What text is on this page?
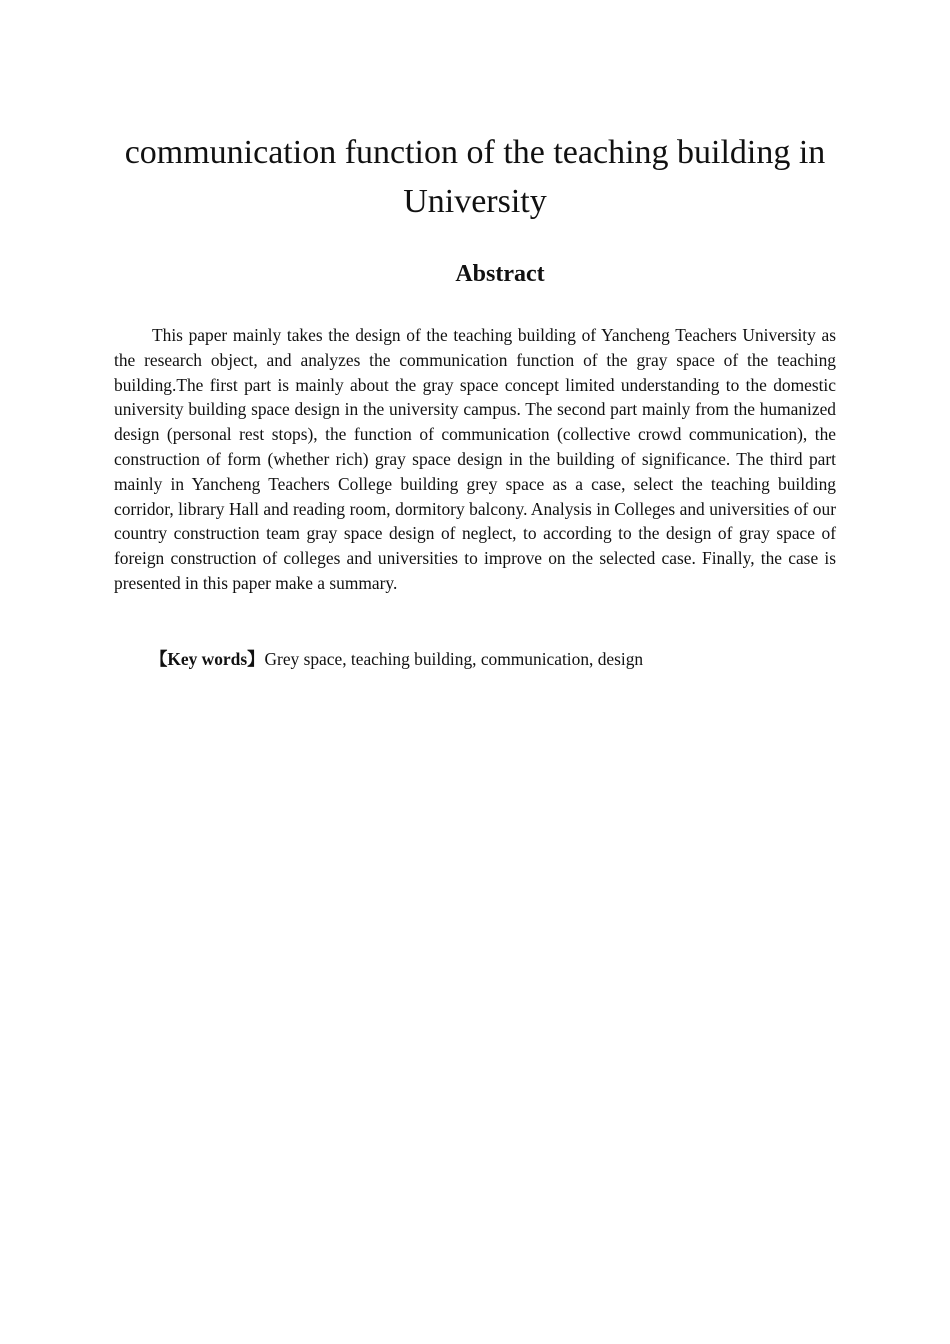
communication function of the teaching building in University
Abstract

This paper mainly takes the design of the teaching building of Yancheng Teachers University as the research object, and analyzes the communication function of the gray space of the teaching building.The first part is mainly about the gray space concept limited understanding to the domestic university building space design in the university campus. The second part mainly from the humanized design (personal rest stops), the function of communication (collective crowd communication), the construction of form (whether rich) gray space design in the building of significance. The third part mainly in Yancheng Teachers College building grey space as a case, select the teaching building corridor, library Hall and reading room, dormitory balcony. Analysis in Colleges and universities of our country construction team gray space design of neglect, to according to the design of gray space of foreign construction of colleges and universities to improve on the selected case. Finally, the case is presented in this paper make a summary.

【Key words】Grey space, teaching building, communication, design
